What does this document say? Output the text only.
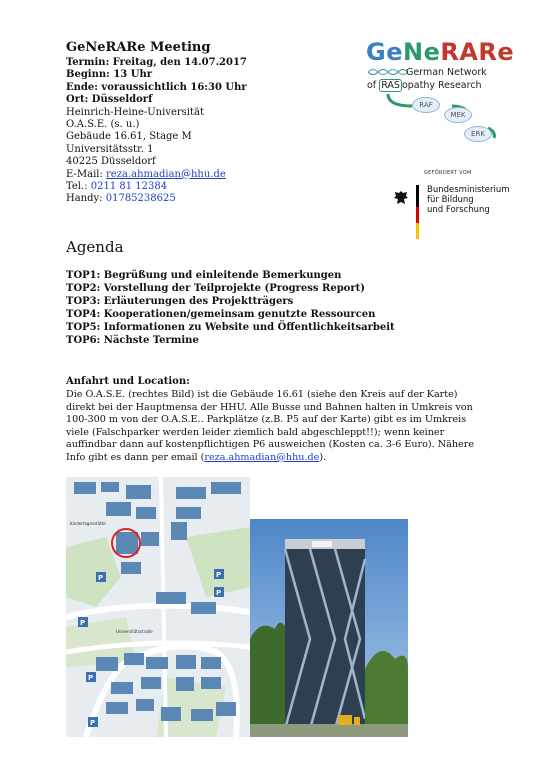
GeNeRARe Meeting
Termin: Freitag, den 14.07.2017
Beginn: 13 Uhr
Ende: voraussichtlich 16:30 Uhr
Ort: Düsseldorf
Heinrich-Heine-Universität
O.A.S.E. (s. u.)
Gebäude 16.61, Stage M
Universitätsstr. 1
40225 Düsseldorf
E-Mail: reza.ahmadian@hhu.de
Tel.: 0211 81 12384
Handy: 01785238625
GeNeRARe
German Network
of RAS opathy Research
RAF
MEK
ERK
GEFÖRDERT VOM
Bundesministerium
für Bildung
und Forschung
Agenda
TOP1: Begrüßung und einleitende Bemerkungen
TOP2: Vorstellung der Teilprojekte (Progress Report)
TOP3: Erläuterungen des Projektträgers
TOP4: Kooperationen/gemeinsam genutzte Ressourcen
TOP5: Informationen zu Website und Öffentlichkeitsarbeit
TOP6: Nächste Termine
Anfahrt und Location:
Die O.A.S.E. (rechtes Bild) ist die Gebäude 16.61 (siehe den Kreis auf der Karte) direkt bei der Hauptmensa der HHU. Alle Busse und Bahnen halten in Umkreis von 100-300 m von der O.A.S.E.. Parkplätze (z.B. P5 auf der Karte) gibt es im Umkreis viele (Falschparker werden leider ziemlich bald abgeschleppt!!); wenn keiner auffindbar dann auf kostenpflichtigen P6 ausweichen (Kosten ca. 3-6 Euro). Nähere Info gibt es dann per email (reza.ahmadian@hhu.de).
P	P
P
P
P
P
Kindertagesstätte
Universitätsstraße
